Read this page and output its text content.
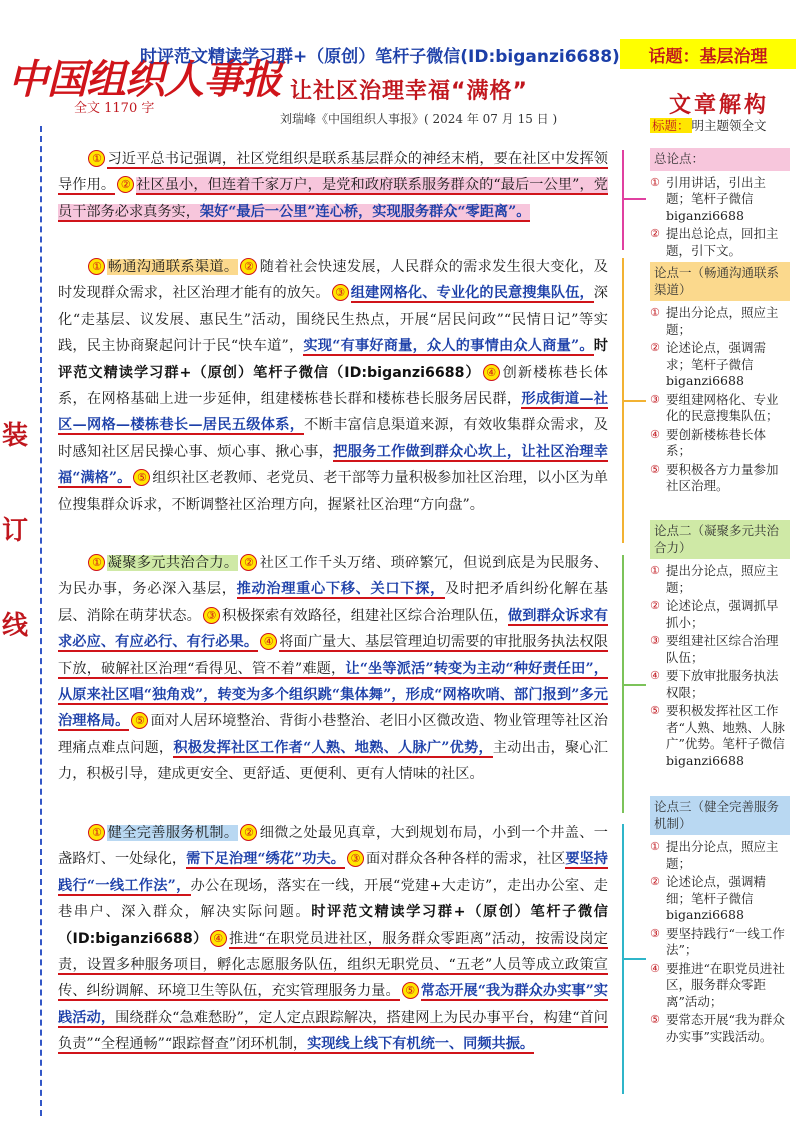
中国组织人事报
时评范文精读学习群+（原创）笔杆子微信(ID:biganzi6688)	话题：基层治理
全文 1170 字
让社区治理幸福“满格”
刘瑞峰《中国组织人事报》( 2024 年 07 月 15 日 )
装
订
线

① 习近平总书记强调，社区党组织是联系基层群众的神经末梢，要在社区中发挥领导作用。 ② 社区虽小，但连着千家万户，是党和政府联系服务群众的“最后一公里”，党员干部务必求真务实，架好“最后一公里”连心桥，实现服务群众“零距离”。

① 畅通沟通联系渠道。 ② 随着社会快速发展，人民群众的需求发生很大变化，及时发现群众需求，社区治理才能有的放矢。 ③ 组建网格化、专业化的民意搜集队伍，深化“走基层、议发展、惠民生”活动，围绕民生热点，开展“居民问政”“民情日记”等实践，民主协商聚起问计于民“快车道”，实现“有事好商量，众人的事情由众人商量”。时评范文精读学习群+（原创）笔杆子微信（ID:biganzi6688） ④ 创新楼栋巷长体系，在网格基础上进一步延伸，组建楼栋巷长群和楼栋巷长服务居民群，形成街道—社区—网格—楼栋巷长—居民五级体系，不断丰富信息渠道来源，有效收集群众需求，及时感知社区居民操心事、烦心事、揪心事，把服务工作做到群众心坎上，让社区治理幸福“满格”。 ⑤ 组织社区老教师、老党员、老干部等力量积极参加社区治理，以小区为单位搜集群众诉求，不断调整社区治理方向，握紧社区治理“方向盘”。

① 凝聚多元共治合力。 ② 社区工作千头万绪、琐碎繁冗，但说到底是为民服务、为民办事，务必深入基层，推动治理重心下移、关口下探，及时把矛盾纠纷化解在基层、消除在萌芽状态。 ③ 积极探索有效路径，组建社区综合治理队伍，做到群众诉求有求必应、有应必行、有行必果。 ④ 将面广量大、基层管理迫切需要的审批服务执法权限下放，破解社区治理“看得见、管不着”难题，让“坐等派活”转变为主动“种好责任田”，从原来社区唱“独角戏”，转变为多个组织跳“集体舞”，形成“网格吹哨、部门报到”多元治理格局。 ⑤ 面对人居环境整治、背街小巷整治、老旧小区微改造、物业管理等社区治理痛点难点问题，积极发挥社区工作者“人熟、地熟、人脉广”优势，主动出击，聚心汇力，积极引导，建成更安全、更舒适、更便利、更有人情味的社区。

① 健全完善服务机制。 ② 细微之处最见真章，大到规划布局，小到一个井盖、一盏路灯、一处绿化，需下足治理“绣花”功夫。 ③ 面对群众各种各样的需求，社区要坚持践行“一线工作法”，办公在现场，落实在一线，开展“党建+大走访”，走出办公室、走巷串户、深入群众，解决实际问题。时评范文精读学习群+（原创）笔杆子微信（ID:biganzi6688） ④ 推进“在职党员进社区，服务群众零距离”活动，按需设岗定责，设置多种服务项目，孵化志愿服务队伍，组织无职党员、“五老”人员等成立政策宣传、纠纷调解、环境卫生等队伍，充实管理服务力量。 ⑤ 常态开展“我为群众办实事”实践活动，围绕群众“急难愁盼”，定人定点跟踪解决，搭建网上为民办事平台，构建“首问负责”“全程通畅”“跟踪督查”闭环机制，实现线上线下有机统一、同频共振。

文章解构
标题： 明主题领全文
总论点：
① 引用讲话，引出主题；笔杆子微信 biganzi6688
② 提出总论点，回扣主题，引下文。
论点一（畅通沟通联系渠道）
① 提出分论点，照应主题；
② 论述论点，强调需求；笔杆子微信 biganzi6688
③ 要组建网格化、专业化的民意搜集队伍；
④ 要创新楼栋巷长体系；
⑤ 要积极各方力量参加社区治理。
论点二（凝聚多元共治合力）
① 提出分论点，照应主题；
② 论述论点，强调抓早抓小；
③ 要组建社区综合治理队伍；
④ 要下放审批服务执法权限；
⑤ 要积极发挥社区工作者“人熟、地熟、人脉广”优势。笔杆子微信 biganzi6688
论点三（健全完善服务机制）
① 提出分论点，照应主题；
② 论述论点，强调精细；笔杆子微信 biganzi6688
③ 要坚持践行“一线工作法”；
④ 要推进“在职党员进社区，服务群众零距离”活动；
⑤ 要常态开展“我为群众办实事”实践活动。
